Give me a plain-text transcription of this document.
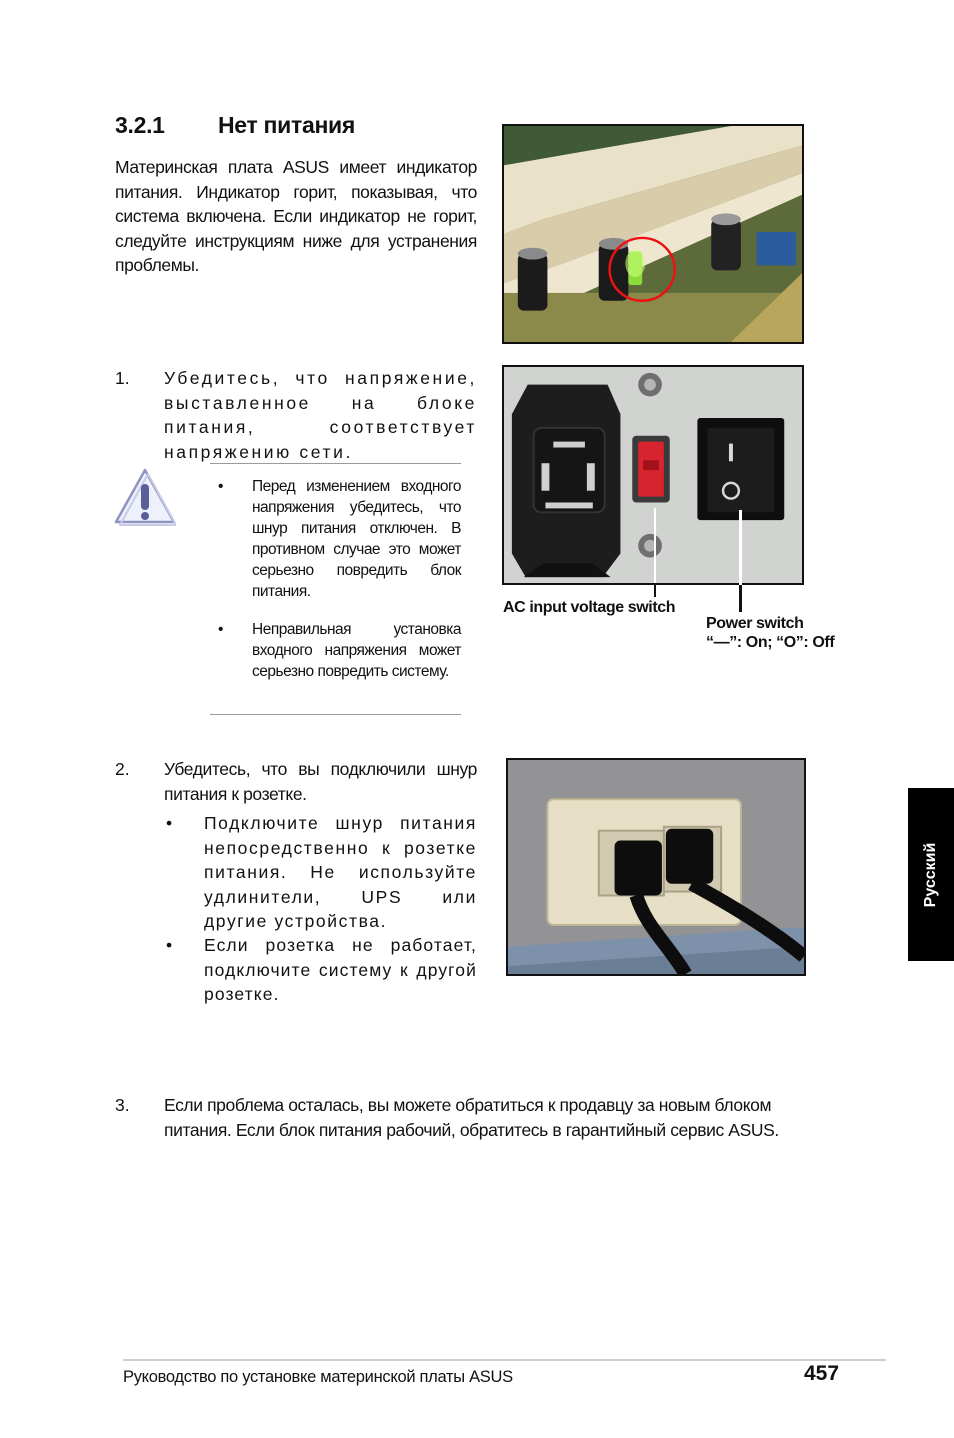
3.2.1 Нет питания
Материнская плата ASUS имеет индикатор питания. Индикатор горит, показывая, что система включена. Если индикатор не горит, следуйте инструкциям ниже для устранения проблемы.
1. Убедитесь, что напряжение, выставленное на блоке питания, соответствует напряжению сети.
• Перед изменением входного напряжения убедитесь, что шнур питания отключен. В противном случае это может серьезно повредить блок питания.
• Неправильная установка входного напряжения может серьезно повредить систему.
AC input voltage switch
Power switch
“—”: On; “O”: Off
2. Убедитесь, что вы подключили шнур питания к розетке.
• Подключите шнур питания непосредственно к розетке питания. Не используйте удлинители, UPS или другие устройства.
• Если розетка не работает, подключите систему к другой розетке.
3. Если проблема осталась, вы можете обратиться к продавцу за новым блоком питания. Если блок питания рабочий, обратитесь в гарантийный сервис ASUS.
Русский
Руководство по установке материнской платы ASUS	457
